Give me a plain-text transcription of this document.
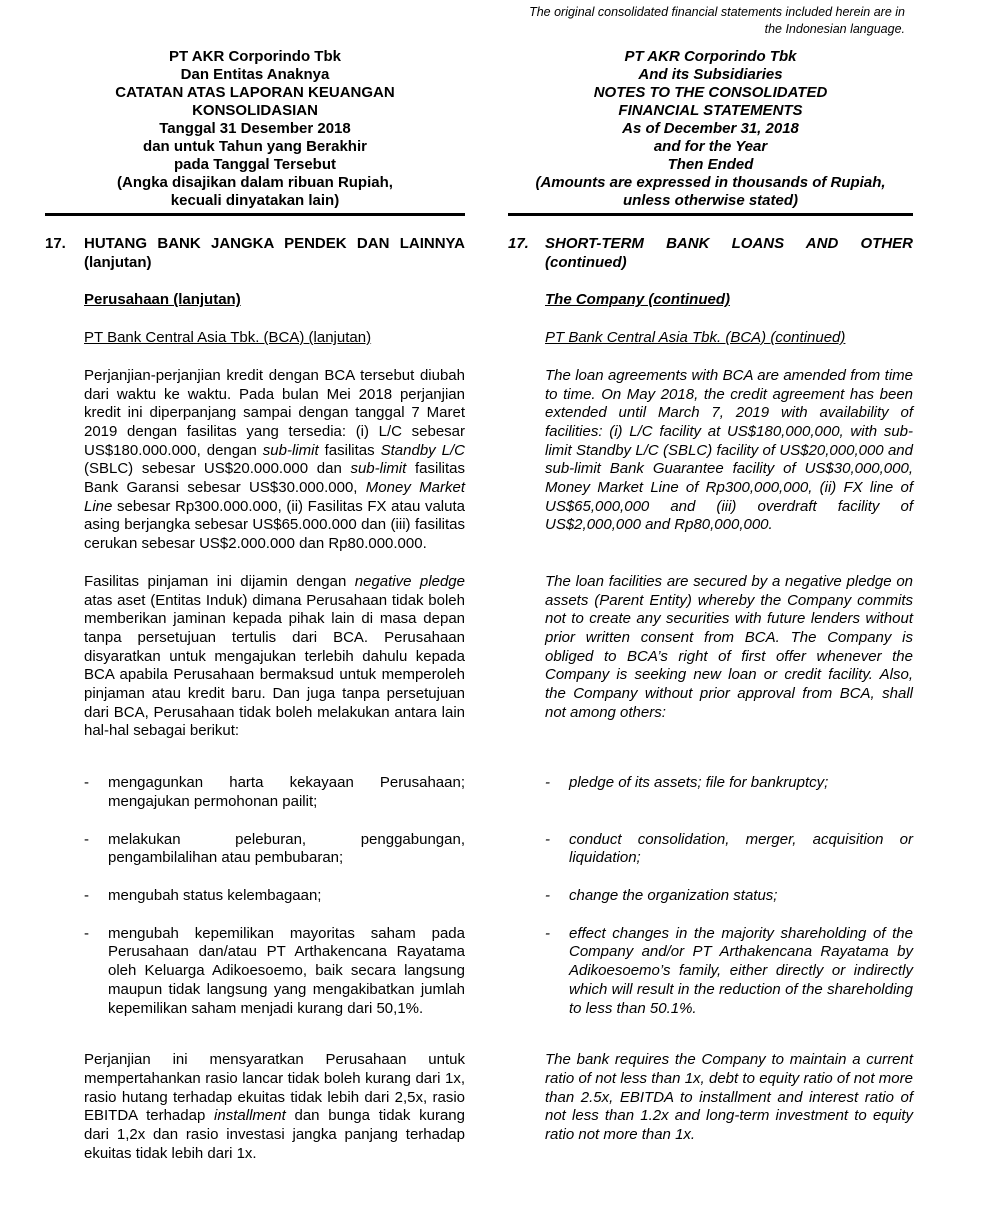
The original consolidated financial statements included herein are in
the Indonesian language.
PT AKR Corporindo Tbk
Dan Entitas Anaknya
CATATAN ATAS LAPORAN KEUANGAN
KONSOLIDASIAN
Tanggal 31 Desember 2018
dan untuk Tahun yang Berakhir
pada Tanggal Tersebut
(Angka disajikan dalam ribuan Rupiah,
kecuali dinyatakan lain)
PT AKR Corporindo Tbk
And its Subsidiaries
NOTES TO THE CONSOLIDATED
FINANCIAL STATEMENTS
As of December 31, 2018
and for the Year
Then Ended
(Amounts are expressed in thousands of Rupiah,
unless otherwise stated)
17.	HUTANG BANK JANGKA PENDEK DAN LAINNYA (lanjutan)
17.	SHORT-TERM BANK LOANS AND OTHER (continued)
Perusahaan (lanjutan)	The Company (continued)
PT Bank Central Asia Tbk. (BCA) (lanjutan)	PT Bank Central Asia Tbk. (BCA) (continued)
Perjanjian-perjanjian kredit dengan BCA tersebut diubah dari waktu ke waktu. Pada bulan Mei 2018 perjanjian kredit ini diperpanjang sampai dengan tanggal 7 Maret 2019 dengan fasilitas yang tersedia: (i) L/C sebesar US$180.000.000, dengan sub-limit fasilitas Standby L/C (SBLC) sebesar US$20.000.000 dan sub-limit fasilitas Bank Garansi sebesar US$30.000.000, Money Market Line sebesar Rp300.000.000, (ii) Fasilitas FX atau valuta asing berjangka sebesar US$65.000.000 dan (iii) fasilitas cerukan sebesar US$2.000.000 dan Rp80.000.000.
The loan agreements with BCA are amended from time to time. On May 2018, the credit agreement has been extended until March 7, 2019 with availability of facilities: (i) L/C facility at US$180,000,000, with sub-limit Standby L/C (SBLC) facility of US$20,000,000 and sub-limit Bank Guarantee facility of US$30,000,000, Money Market Line of Rp300,000,000, (ii) FX line of US$65,000,000 and (iii) overdraft facility of US$2,000,000 and Rp80,000,000.
Fasilitas pinjaman ini dijamin dengan negative pledge atas aset (Entitas Induk) dimana Perusahaan tidak boleh memberikan jaminan kepada pihak lain di masa depan tanpa persetujuan tertulis dari BCA. Perusahaan disyaratkan untuk mengajukan terlebih dahulu kepada BCA apabila Perusahaan bermaksud untuk memperoleh pinjaman atau kredit baru. Dan juga tanpa persetujuan dari BCA, Perusahaan tidak boleh melakukan antara lain hal-hal sebagai berikut:
The loan facilities are secured by a negative pledge on assets (Parent Entity) whereby the Company commits not to create any securities with future lenders without prior written consent from BCA. The Company is obliged to BCA’s right of first offer whenever the Company is seeking new loan or credit facility. Also, the Company without prior approval from BCA, shall not among others:
-	mengagunkan harta kekayaan Perusahaan; mengajukan permohonan pailit;
-	pledge of its assets; file for bankruptcy;
-	melakukan peleburan, penggabungan, pengambilalihan atau pembubaran;
-	conduct consolidation, merger, acquisition or liquidation;
-	mengubah status kelembagaan;	-	change the organization status;
-	mengubah kepemilikan mayoritas saham pada Perusahaan dan/atau PT Arthakencana Rayatama oleh Keluarga Adikoesoemo, baik secara langsung maupun tidak langsung yang mengakibatkan jumlah kepemilikan saham menjadi kurang dari 50,1%.
-	effect changes in the majority shareholding of the Company and/or PT Arthakencana Rayatama by Adikoesoemo’s family, either directly or indirectly which will result in the reduction of the shareholding to less than 50.1%.
Perjanjian ini mensyaratkan Perusahaan untuk mempertahankan rasio lancar tidak boleh kurang dari 1x, rasio hutang terhadap ekuitas tidak lebih dari 2,5x, rasio EBITDA terhadap installment dan bunga tidak kurang dari 1,2x dan rasio investasi jangka panjang terhadap ekuitas tidak lebih dari 1x.
The bank requires the Company to maintain a current ratio of not less than 1x, debt to equity ratio of not more than 2.5x, EBITDA to installment and interest ratio of not less than 1.2x and long-term investment to equity ratio not more than 1x.
